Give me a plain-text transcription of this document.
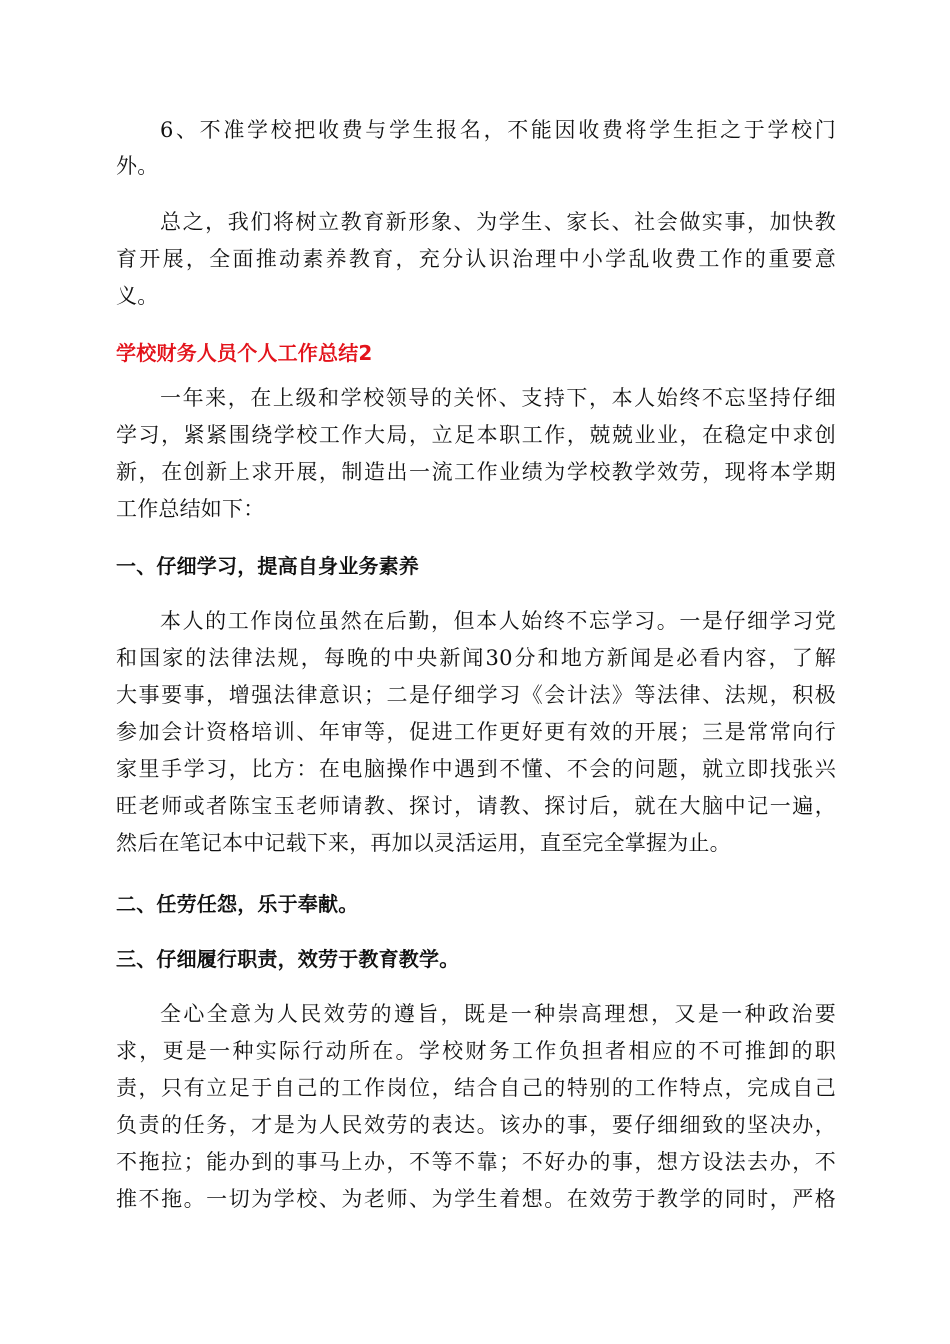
6、不准学校把收费与学生报名，不能因收费将学生拒之于学校门
外。
总之，我们将树立教育新形象、为学生、家长、社会做实事，加快教
育开展，全面推动素养教育，充分认识治理中小学乱收费工作的重要意
义。
学校财务人员个人工作总结2
一年来，在上级和学校领导的关怀、支持下，本人始终不忘坚持仔细
学习，紧紧围绕学校工作大局，立足本职工作，兢兢业业，在稳定中求创
新，在创新上求开展，制造出一流工作业绩为学校教学效劳，现将本学期
工作总结如下：
一、仔细学习，提高自身业务素养
本人的工作岗位虽然在后勤，但本人始终不忘学习。一是仔细学习党
和国家的法律法规，每晚的中央新闻30分和地方新闻是必看内容，了解
大事要事，增强法律意识；二是仔细学习《会计法》等法律、法规，积极
参加会计资格培训、年审等，促进工作更好更有效的开展；三是常常向行
家里手学习，比方：在电脑操作中遇到不懂、不会的问题，就立即找张兴
旺老师或者陈宝玉老师请教、探讨，请教、探讨后，就在大脑中记一遍，
然后在笔记本中记载下来，再加以灵活运用，直至完全掌握为止。
二、任劳任怨，乐于奉献。
三、仔细履行职责，效劳于教育教学。
全心全意为人民效劳的遵旨，既是一种崇高理想，又是一种政治要
求，更是一种实际行动所在。学校财务工作负担者相应的不可推卸的职
责，只有立足于自己的工作岗位，结合自己的特别的工作特点，完成自己
负责的任务，才是为人民效劳的表达。该办的事，要仔细细致的坚决办，
不拖拉；能办到的事马上办，不等不靠；不好办的事，想方设法去办，不
推不拖。一切为学校、为老师、为学生着想。在效劳于教学的同时，严格
